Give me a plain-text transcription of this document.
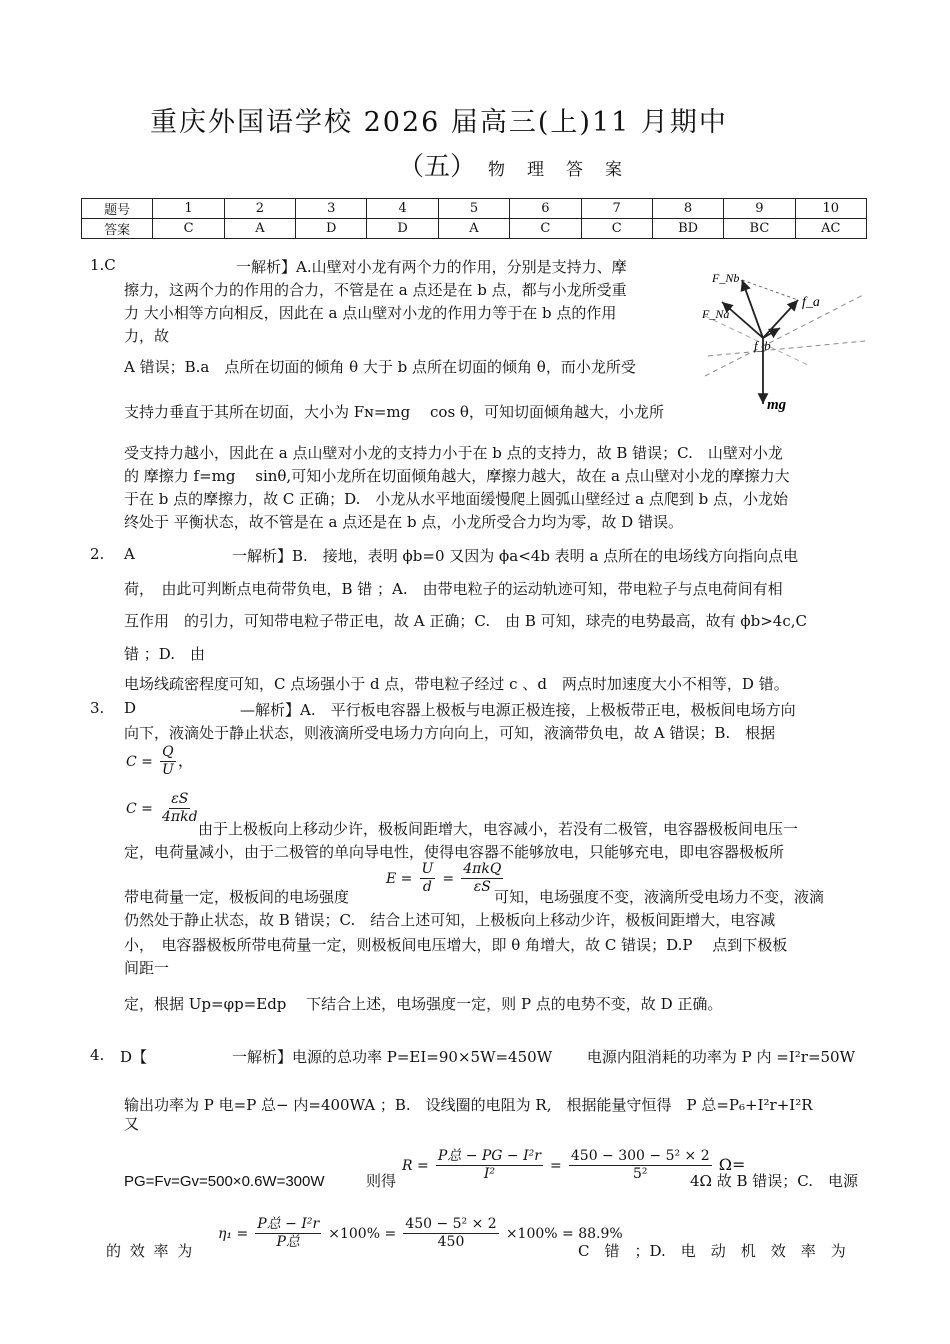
重庆外国语学校 2026 届高三(上)11 月期中
（五） 物理答案
题号	1	2	3	4	5	6	7	8	9	10
答案	C	A	D	D	A	C	C	BD	BC	AC
F_Nb
F_Na
f_a
f_b
mg
1.C	一解析】A.山壁对小龙有两个力的作用，分别是支持力、摩
擦力，这两个力的作用的合力，不管是在 a 点还是在 b 点，都与小龙所受重
力 大小相等方向相反，因此在 a 点山壁对小龙的作用力等于在 b 点的作用
力，故
A 错误；B.a　点所在切面的倾角 θ 大于 b 点所在切面的倾角 θ，而小龙所受
支持力垂直于其所在切面，大小为 Fɴ=mg　 cos θ，可知切面倾角越大，小龙所
受支持力越小，因此在 a 点山壁对小龙的支持力小于在 b 点的支持力，故 B 错误；C.　山壁对小龙
的 摩擦力 f=mg　 sinθ,可知小龙所在切面倾角越大，摩擦力越大，故在 a 点山壁对小龙的摩擦力大
于在 b 点的摩擦力，故 C 正确；D.　小龙从水平地面缓慢爬上圆弧山壁经过 a 点爬到 b 点，小龙始
终处于 平衡状态，故不管是在 a 点还是在 b 点，小龙所受合力均为零，故 D 错误。
2. A	一解析】B.　接地，表明 ϕb=0 又因为 ϕa<4b 表明 a 点所在的电场线方向指向点电
荷，　由此可判断点电荷带负电，B 错 ；A.　由带电粒子的运动轨迹可知，带电粒子与点电荷间有相
互作用　的引力，可知带电粒子带正电，故 A 正确；C.　由 B 可知，球壳的电势最高，故有 ϕb>4c,C
错 ；D.　由
电场线疏密程度可知，C 点场强小于 d 点，带电粒子经过 c 、d　两点时加速度大小不相等，D 错。
3. D	—解析】A.　平行板电容器上极板与电源正极连接，上极板带正电，极板间电场方向
向下，液滴处于静止状态，则液滴所受电场力方向向上，可知，液滴带负电，故 A 错误；B.　根据
$C = \frac{Q}{U}$ ，
$C = \frac{\varepsilon S}{\text{4πkd}}$
由于上极板向上移动少许，极板间距增大，电容减小，若没有二极管，电容器极板间电压一
定，电荷量减小，由于二极管的单向导电性，使得电容器不能够放电，只能够充电，即电容器极板所
带电荷量一定，极板间的电场强度
$E = \frac{U}{d} = \frac{\text{4πkQ}}{\varepsilon S}$
可知，电场强度不变，液滴所受电场力不变，液滴
仍然处于静止状态，故 B 错误；C.　结合上述可知，上极板向上移动少许，极板间距增大，电容减
小，　电容器极板所带电荷量一定，则极板间电压增大，即 θ 角增大，故 C 错误；D.P　 点到下极板
间距一
定，根据 Up=φp=Edp　 下结合上述，电场强度一定，则 P 点的电势不变，故 D 正确。
4. D【	一解析】电源的总功率 P=EI=90×5W=450W　　 电源内阻消耗的功率为 P 内 =I²r=50W
输出功率为 P 电=P 总− 内=400WA ；B.　设线圈的电阻为 R,　根据能量守恒得　P 总=P₆+I²r+I²R
又
PG=Fv=Gv=500×0.6W=300W	则得
$R = \frac{\text{P总 − PG − I²r}}{\text{I²}} = \frac{\text{450 − 300 − 5² × 2}}{\text{5²}} \Omega=$
4Ω 故 B 错误；C.　电源
的 效 率 为
$\eta_1 = \frac{\text{P总 − I²r}}{\text{P总}} \times 100\% = \frac{\text{450 − 5² × 2}}{450} \times 100\% = 88.9\%$
C　错　；D.　电　动　机　效　率　为
